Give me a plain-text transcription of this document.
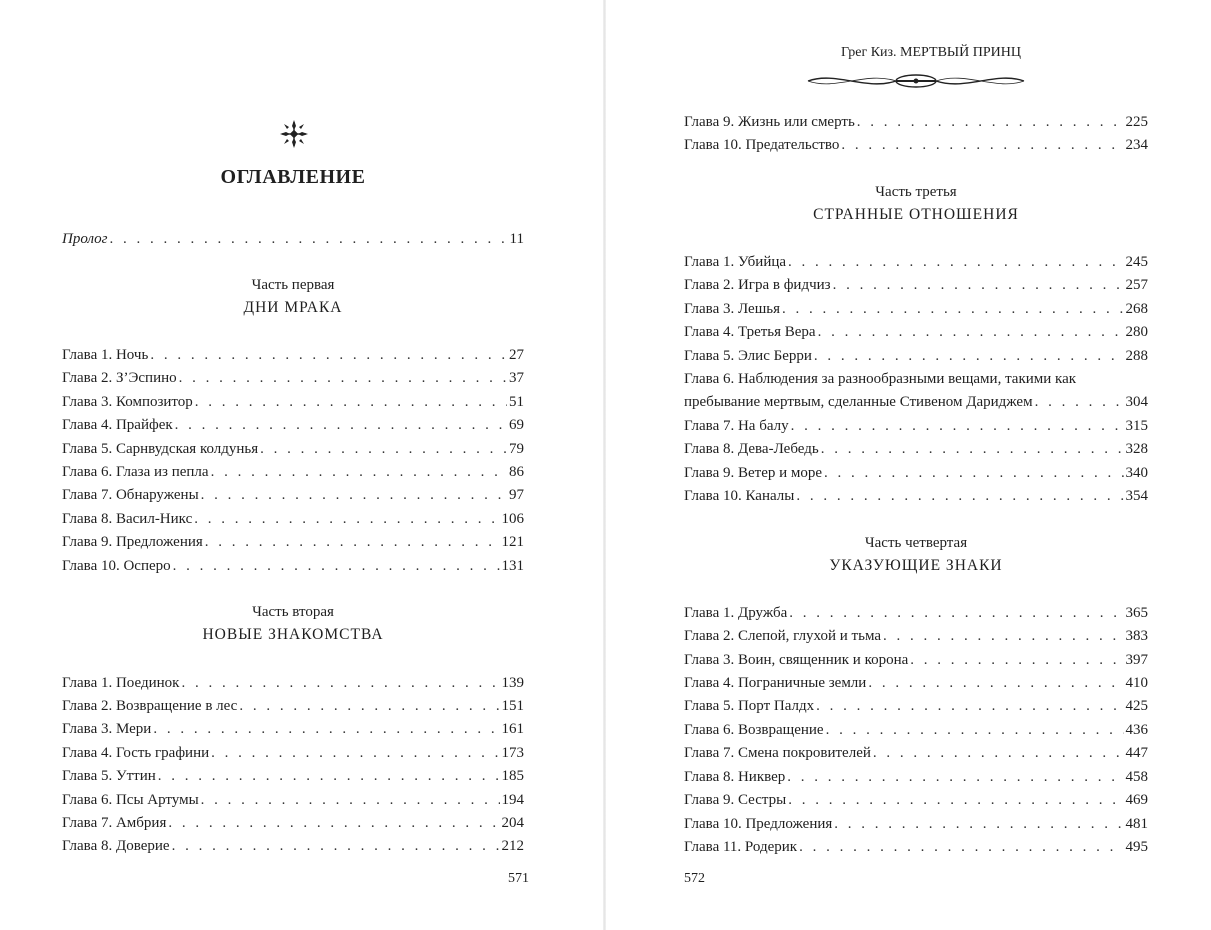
ОГЛАВЛЕНИЕ
Пролог . . .	11
Часть первая
ДНИ МРАКА
Глава 1. Ночь . . .	27
Глава 2. З’Эспино . . .	37
Глава 3. Композитор . . .	51
Глава 4. Прайфек . . .	69
Глава 5. Сарнвудская колдунья . . .	79
Глава 6. Глаза из пепла . . .	86
Глава 7. Обнаружены . . .	97
Глава 8. Васил-Никс . . .	106
Глава 9. Предложения . . .	121
Глава 10. Осперо . . .	131
Часть вторая
НОВЫЕ ЗНАКОМСТВА
Глава 1. Поединок . . .	139
Глава 2. Возвращение в лес . . .	151
Глава 3. Мери . . .	161
Глава 4. Гость графини . . .	173
Глава 5. Уттин . . .	185
Глава 6. Псы Артумы . . .	194
Глава 7. Амбрия . . .	204
Глава 8. Доверие . . .	212
571
Грег Киз. МЕРТВЫЙ ПРИНЦ
Глава 9. Жизнь или смерть . . .	225
Глава 10. Предательство . . .	234
Часть третья
СТРАННЫЕ ОТНОШЕНИЯ
Глава 1. Убийца . . .	245
Глава 2. Игра в фидчиз . . .	257
Глава 3. Лешья . . .	268
Глава 4. Третья Вера . . .	280
Глава 5. Элис Берри . . .	288
Глава 6. Наблюдения за разнообразными вещами, такими как
пребывание мертвым, сделанные Стивеном Дариджем . . .	304
Глава 7. На балу . . .	315
Глава 8. Дева-Лебедь . . .	328
Глава 9. Ветер и море . . .	340
Глава 10. Каналы . . .	354
Часть четвертая
УКАЗУЮЩИЕ ЗНАКИ
Глава 1. Дружба . . .	365
Глава 2. Слепой, глухой и тьма . . .	383
Глава 3. Воин, священник и корона . . .	397
Глава 4. Пограничные земли . . .	410
Глава 5. Порт Палдх . . .	425
Глава 6. Возвращение . . .	436
Глава 7. Смена покровителей . . .	447
Глава 8. Никвер . . .	458
Глава 9. Сестры . . .	469
Глава 10. Предложения . . .	481
Глава 11. Родерик . . .	495
572
